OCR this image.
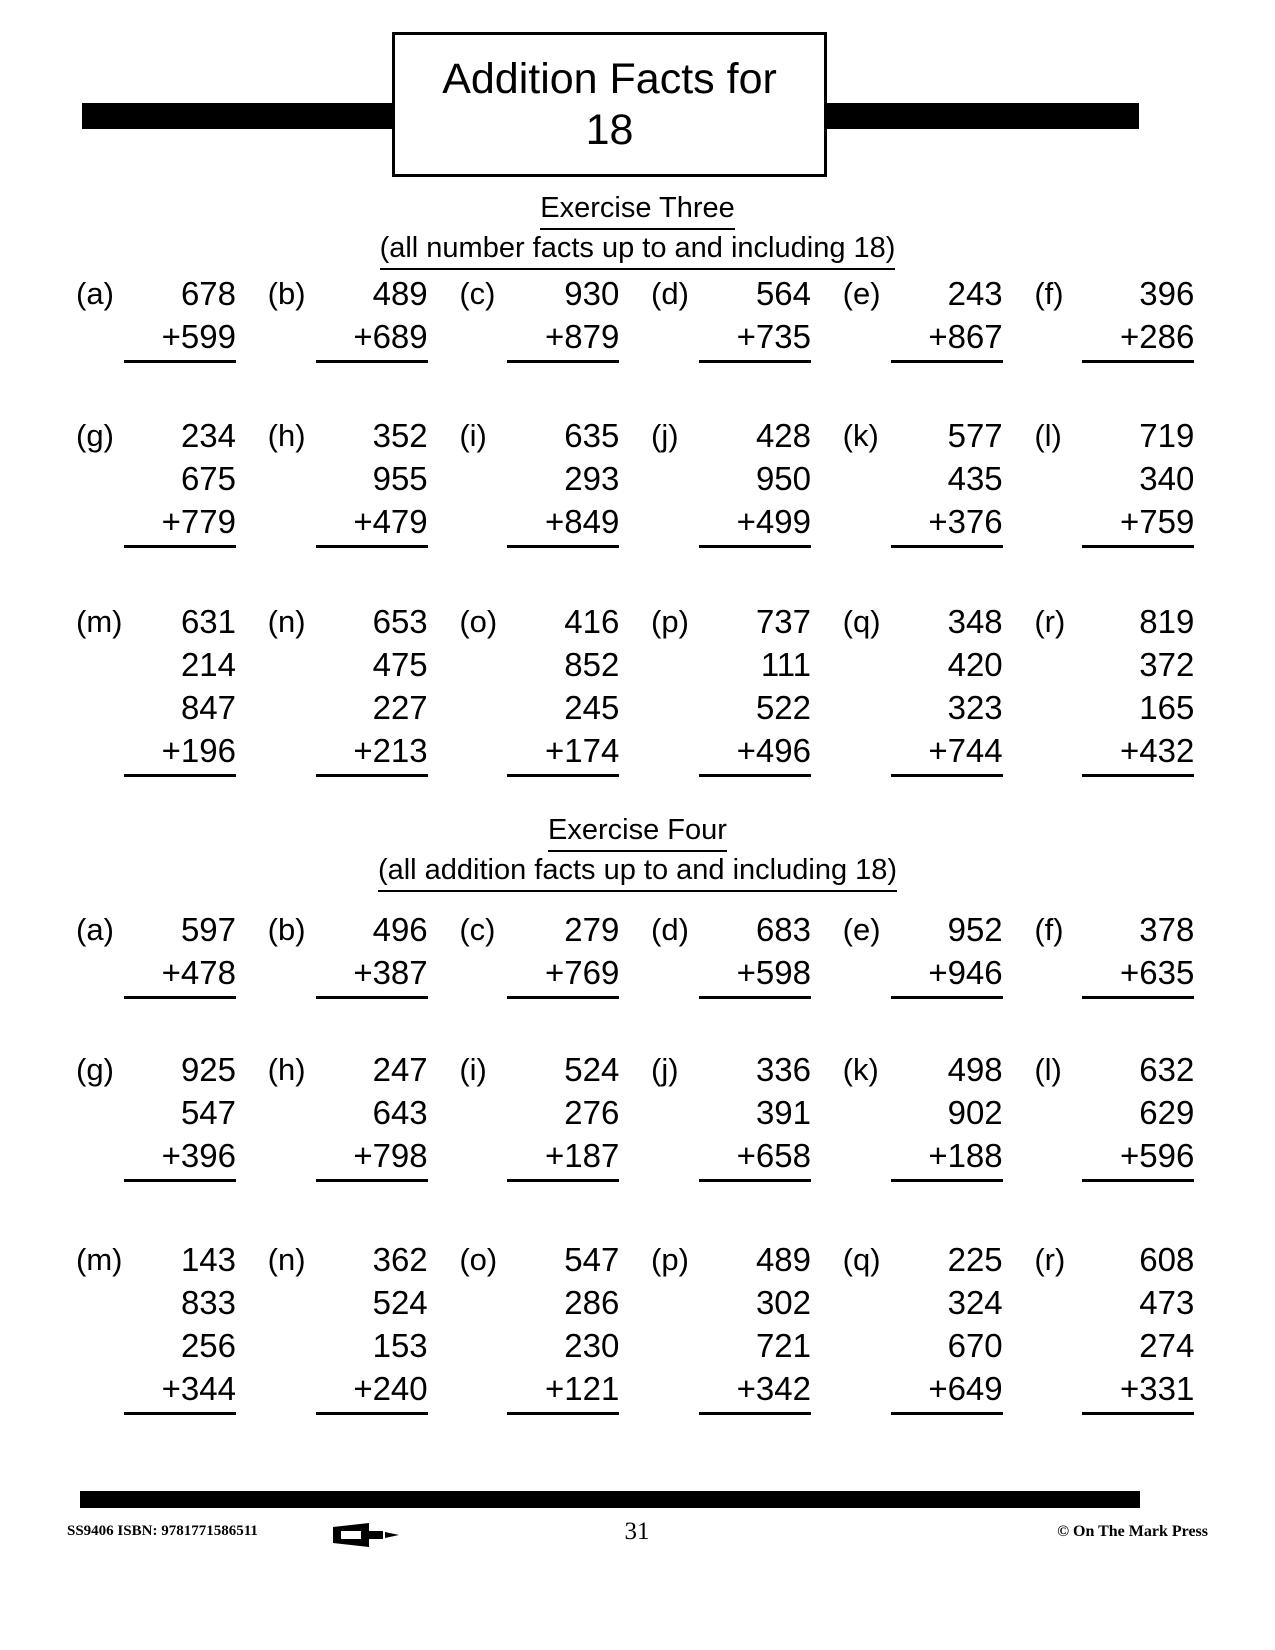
Addition Facts for
18
Exercise Three
(all number facts up to and including 18)
(a)	678
+599
(b)	489
+689
(c)	930
+879
(d)	564
+735
(e)	243
+867
(f)	396
+286
(g)	234
675
+779
(h)	352
955
+479
(i)	635
293
+849
(j)	428
950
+499
(k)	577
435
+376
(l)	719
340
+759
(m)	631
214
847
+196
(n)	653
475
227
+213
(o)	416
852
245
+174
(p)	737
111
522
+496
(q)	348
420
323
+744
(r)	819
372
165
+432
Exercise Four
(all addition facts up to and including 18)
(a)	597
+478
(b)	496
+387
(c)	279
+769
(d)	683
+598
(e)	952
+946
(f)	378
+635
(g)	925
547
+396
(h)	247
643
+798
(i)	524
276
+187
(j)	336
391
+658
(k)	498
902
+188
(l)	632
629
+596
(m)	143
833
256
+344
(n)	362
524
153
+240
(o)	547
286
230
+121
(p)	489
302
721
+342
(q)	225
324
670
+649
(r)	608
473
274
+331
SS9406 ISBN: 9781771586511	31	© On The Mark Press
